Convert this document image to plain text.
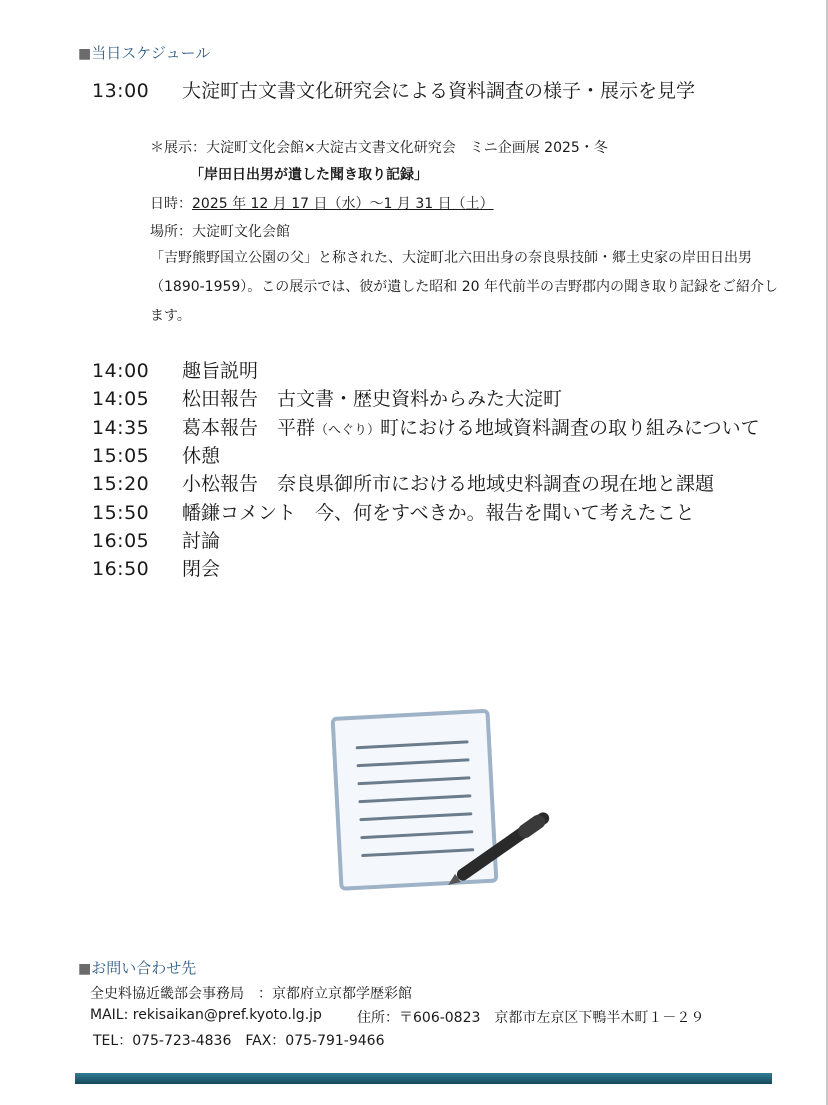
■当日スケジュール
13:00 大淀町古文書文化研究会による資料調査の様子・展示を見学
＊展示：大淀町文化会館×大淀古文書文化研究会　ミニ企画展 2025・冬
「岸田日出男が遺した聞き取り記録」
日時：2025 年 12 月 17 日（水）～1 月 31 日（土）
場所：大淀町文化会館
「吉野熊野国立公園の父」と称された、大淀町北六田出身の奈良県技師・郷土史家の岸田日出男（1890-1959）。この展示では、彼が遺した昭和 20 年代前半の吉野郡内の聞き取り記録をご紹介します。
14:00 趣旨説明
14:05 松田報告　古文書・歴史資料からみた大淀町
14:35 葛本報告　平群（へぐり）町における地域資料調査の取り組みについて
15:05 休憩
15:20 小松報告　奈良県御所市における地域史料調査の現在地と課題
15:50 幡鎌コメント　今、何をすべきか。報告を聞いて考えたこと
16:05 討論
16:50 閉会
■お問い合わせ先
全史料協近畿部会事務局　：京都府立京都学歴彩館
MAIL: rekisaikan@pref.kyoto.lg.jp	住所：〒606-0823　京都市左京区下鴨半木町１－２９
TEL：075-723-4836　FAX：075-791-9466
